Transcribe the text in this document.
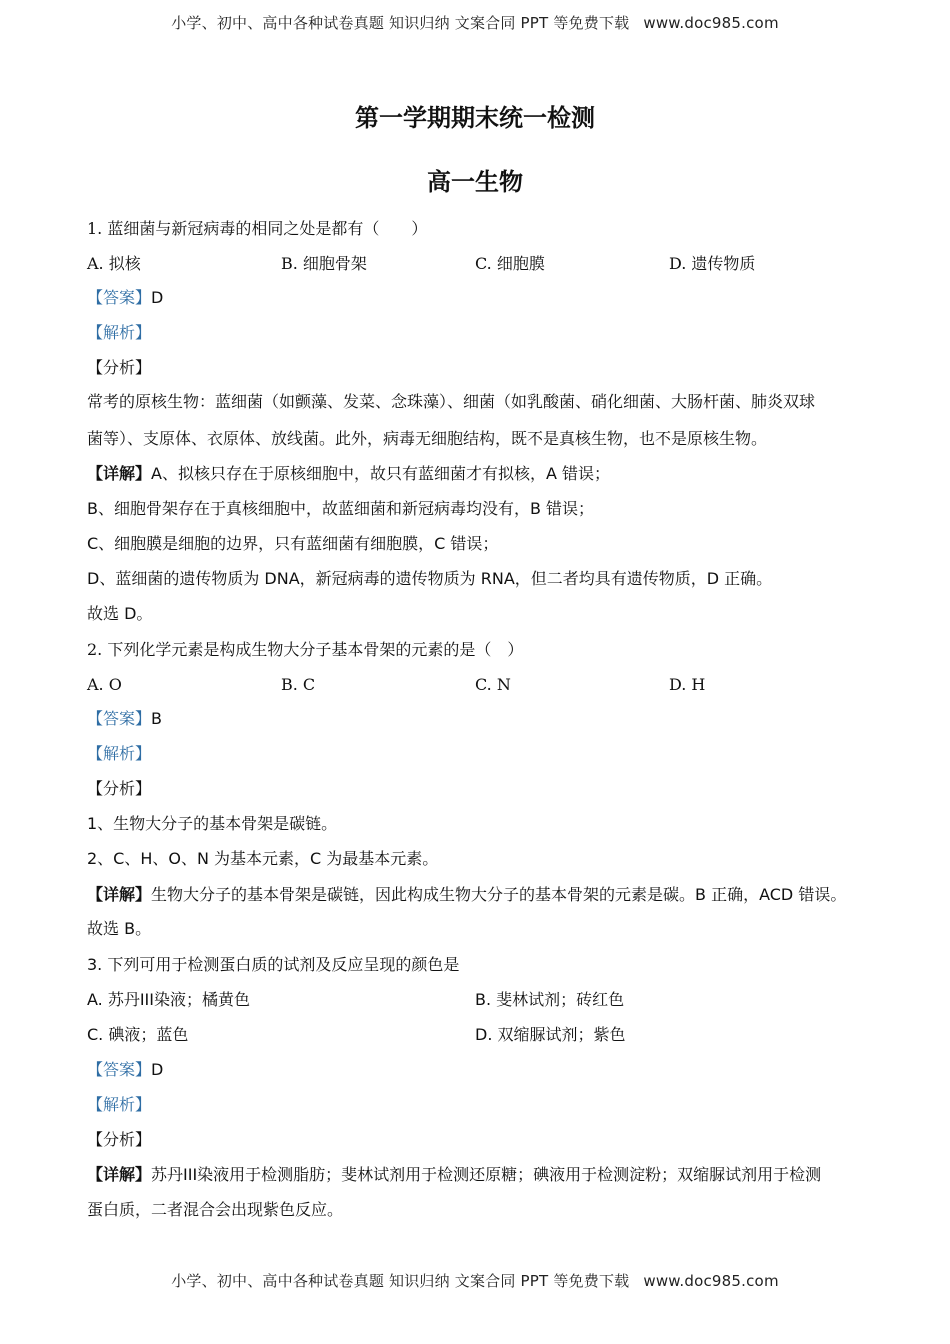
小学、初中、高中各种试卷真题 知识归纳 文案合同 PPT 等免费下载 www.doc985.com
第一学期期末统一检测
高一生物
1. 蓝细菌与新冠病毒的相同之处是都有（　　）
A. 拟核	B. 细胞骨架	C. 细胞膜	D. 遗传物质
【答案】D
【解析】
【分析】
常考的原核生物：蓝细菌（如颤藻、发菜、念珠藻）、细菌（如乳酸菌、硝化细菌、大肠杆菌、肺炎双球
菌等）、支原体、衣原体、放线菌。此外，病毒无细胞结构，既不是真核生物，也不是原核生物。
【详解】A、拟核只存在于原核细胞中，故只有蓝细菌才有拟核，A 错误；
B、细胞骨架存在于真核细胞中，故蓝细菌和新冠病毒均没有，B 错误；
C、细胞膜是细胞的边界，只有蓝细菌有细胞膜，C 错误；
D、蓝细菌的遗传物质为 DNA，新冠病毒的遗传物质为 RNA，但二者均具有遗传物质，D 正确。
故选 D。
2. 下列化学元素是构成生物大分子基本骨架的元素的是（　）
A. O	B. C	C. N	D. H
【答案】B
【解析】
【分析】
1、生物大分子的基本骨架是碳链。
2、C、H、O、N 为基本元素，C 为最基本元素。
【详解】生物大分子的基本骨架是碳链，因此构成生物大分子的基本骨架的元素是碳。B 正确，ACD 错误。
故选 B。
3. 下列可用于检测蛋白质的试剂及反应呈现的颜色是
A. 苏丹III染液；橘黄色	B. 斐林试剂；砖红色
C. 碘液；蓝色	D. 双缩脲试剂；紫色
【答案】D
【解析】
【分析】
【详解】苏丹III染液用于检测脂肪；斐林试剂用于检测还原糖；碘液用于检测淀粉；双缩脲试剂用于检测
蛋白质，二者混合会出现紫色反应。
小学、初中、高中各种试卷真题 知识归纳 文案合同 PPT 等免费下载 www.doc985.com
